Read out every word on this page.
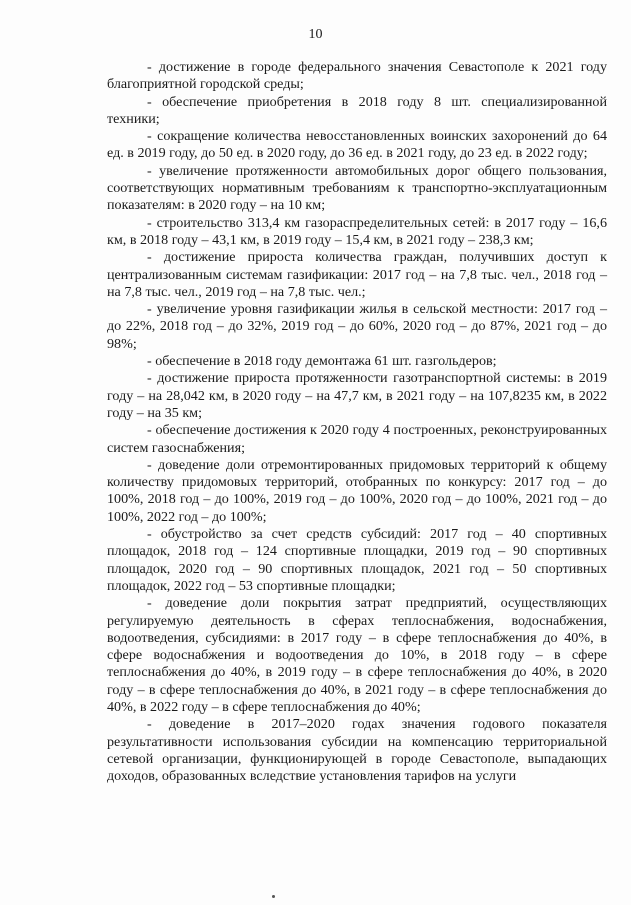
10

- достижение в городе федерального значения Севастополе к 2021 году благоприятной городской среды;

- обеспечение приобретения в 2018 году 8 шт. специализированной техники;

- сокращение количества невосстановленных воинских захоронений до 64 ед. в 2019 году, до 50 ед. в 2020 году, до 36 ед. в 2021 году, до 23 ед. в 2022 году;

- увеличение протяженности автомобильных дорог общего пользования, соответствующих нормативным требованиям к транспортно-эксплуатационным показателям: в 2020 году – на 10 км;

- строительство 313,4 км газораспределительных сетей: в 2017 году – 16,6 км, в 2018 году – 43,1 км, в 2019 году – 15,4 км, в 2021 году – 238,3 км;

- достижение прироста количества граждан, получивших доступ к централизованным системам газификации: 2017 год – на 7,8 тыс. чел., 2018 год – на 7,8 тыс. чел., 2019 год – на 7,8 тыс. чел.;

- увеличение уровня газификации жилья в сельской местности: 2017 год – до 22%, 2018 год – до 32%, 2019 год – до 60%, 2020 год – до 87%, 2021 год – до 98%;

- обеспечение в 2018 году демонтажа 61 шт. газгольдеров;

- достижение прироста протяженности газотранспортной системы: в 2019 году – на 28,042 км, в 2020 году – на 47,7 км, в 2021 году – на 107,8235 км, в 2022 году – на 35 км;

- обеспечение достижения к 2020 году 4 построенных, реконструированных систем газоснабжения;

- доведение доли отремонтированных придомовых территорий к общему количеству придомовых территорий, отобранных по конкурсу: 2017 год – до 100%, 2018 год – до 100%, 2019 год – до 100%, 2020 год – до 100%, 2021 год – до 100%, 2022 год – до 100%;

- обустройство за счет средств субсидий: 2017 год – 40 спортивных площадок, 2018 год – 124 спортивные площадки, 2019 год – 90 спортивных площадок, 2020 год – 90 спортивных площадок, 2021 год – 50 спортивных площадок, 2022 год – 53 спортивные площадки;

- доведение доли покрытия затрат предприятий, осуществляющих регулируемую деятельность в сферах теплоснабжения, водоснабжения, водоотведения, субсидиями: в 2017 году – в сфере теплоснабжения до 40%, в сфере водоснабжения и водоотведения до 10%, в 2018 году – в сфере теплоснабжения до 40%, в 2019 году – в сфере теплоснабжения до 40%, в 2020 году – в сфере теплоснабжения до 40%, в 2021 году – в сфере теплоснабжения до 40%, в 2022 году – в сфере теплоснабжения до 40%;

- доведение в 2017–2020 годах значения годового показателя результативности использования субсидии на компенсацию территориальной сетевой организации, функционирующей в городе Севастополе, выпадающих доходов, образованных вследствие установления тарифов на услуги
